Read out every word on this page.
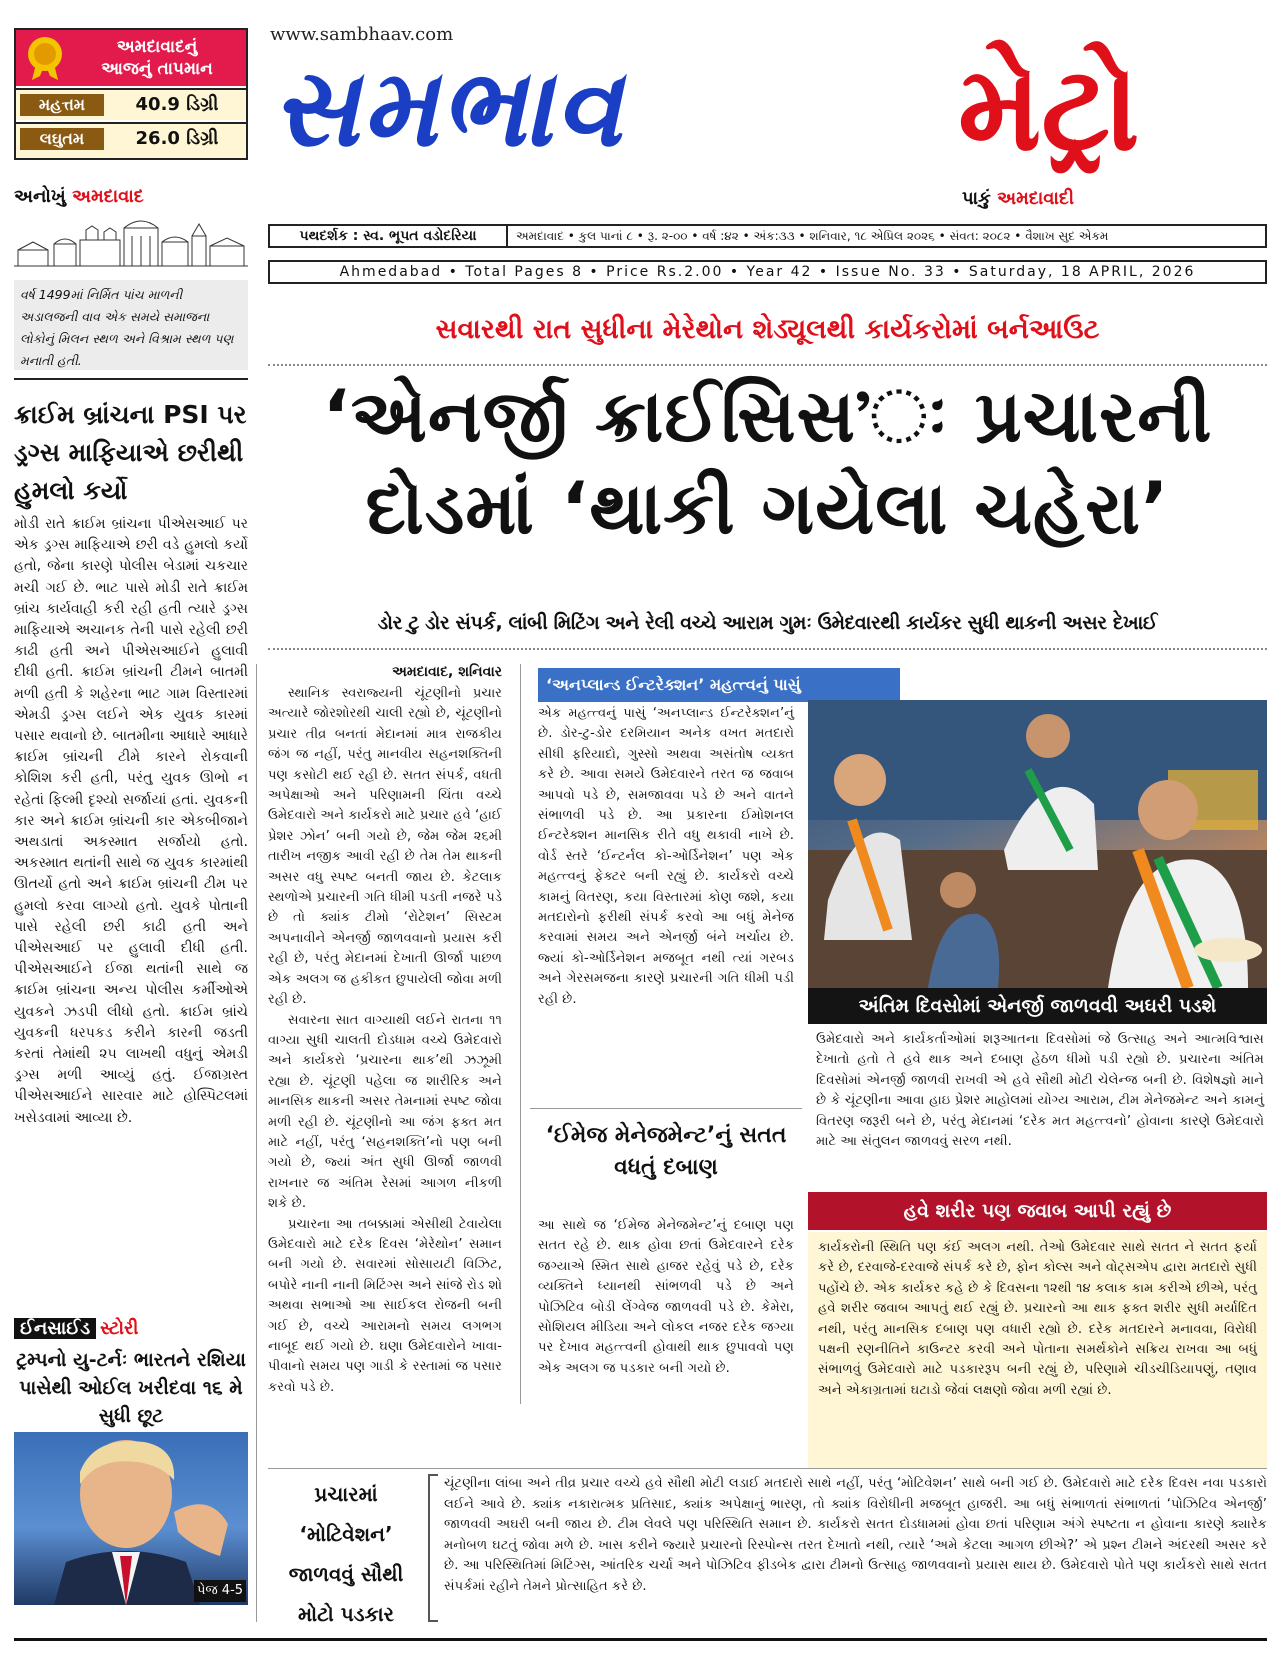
અમદાવાદનું
આજનું તાપમાન
મહત્તમ	40.9 ડિગ્રી
લઘુતમ	26.0 ડિગ્રી
www.sambhaav.com
સમભાવ	મેટ્રો
પાકું અમદાવાદી
પથદર્શક : સ્વ. ભૂપત વડોદરિયા	અમદાવાદ • કુલ પાનાં ૮ • રૂ. ૨-૦૦ • વર્ષ :૪૨ • અંક:૩૩ • શનિવાર, ૧૮ એપ્રિલ ૨૦૨૬ • સંવત: ૨૦૮૨ • વૈશાખ સુદ એકમ
Ahmedabad • Total Pages 8 • Price Rs.2.00 • Year 42 • Issue No. 33 • Saturday, 18 APRIL, 2026
અનોખું અમદાવાદ
વર્ષ 1499માં નિર્મિત પાંચ માળની અડાલજની વાવ એક સમયે સમાજના લોકોનું મિલન સ્થળ અને વિશ્રામ સ્થળ પણ મનાતી હતી.
ક્રાઈમ બ્રાંચના PSI પર ડ્રગ્સ માફિયાએ છરીથી હુમલો કર્યો
મોડી રાતે ક્રાઈમ બ્રાંચના પીએસઆઈ પર એક ડ્રગ્સ માફિયાએ છરી વડે હુમલો કર્યો હતો, જેના કારણે પોલીસ બેડામાં ચકચાર મચી ગઈ છે. ભાટ પાસે મોડી રાતે ક્રાઈમ બ્રાંચ કાર્યવાહી કરી રહી હતી ત્યારે ડ્રગ્સ માફિયાએ અચાનક તેની પાસે રહેલી છરી કાઢી હતી અને પીએસઆઈને હુલાવી દીધી હતી. ક્રાઈમ બ્રાંચની ટીમને બાતમી મળી હતી કે શહેરના ભાટ ગામ વિસ્તારમાં એમડી ડ્રગ્સ લઈને એક યુવક કારમાં પસાર થવાનો છે. બાતમીના આધારે આધારે ક્રાઈમ બ્રાંચની ટીમે કારને રોકવાની કોશિશ કરી હતી, પરંતુ યુવક ઊભો ન રહેતાં ફિલ્મી દૃશ્યો સર્જાયાં હતાં. યુવકની કાર અને ક્રાઈમ બ્રાંચની કાર એકબીજાને અથડાતાં અકસ્માત સર્જાયો હતો. અકસ્માત થતાંની સાથે જ યુવક કારમાંથી ઊતર્યો હતો અને ક્રાઈમ બ્રાંચની ટીમ પર હુમલો કરવા લાગ્યો હતો. યુવકે પોતાની પાસે રહેલી છરી કાઢી હતી અને પીએસઆઈ પર હુલાવી દીધી હતી. પીએસઆઈને ઈજા થતાંની સાથે જ ક્રાઈમ બ્રાંચના અન્ય પોલીસ કર્મીઓએ યુવકને ઝડપી લીધો હતો. ક્રાઈમ બ્રાંચે યુવકની ધરપકડ કરીને કારની જડતી કરતાં તેમાંથી ૨૫ લાખથી વધુનું એમડી ડ્રગ્સ મળી આવ્યું હતું. ઈજાગ્રસ્ત પીએસઆઈને સારવાર માટે હોસ્પિટલમાં ખસેડવામાં આવ્યા છે.
ઈનસાઈડ સ્ટોરી
ટ્રમ્પનો યુ-ટર્નઃ ભારતને રશિયા પાસેથી ઓઈલ ખરીદવા ૧૬ મે સુધી છૂટ
પેજ 4-5
સવારથી રાત સુધીના મેરેથોન શેડ્યૂલથી કાર્યકરોમાં બર્નઆઉટ
‘એનર્જી ક્રાઈસિસ’ઃ પ્રચારની
દોડમાં ‘થાકી ગયેલા ચહેરા’
ડોર ટુ ડોર સંપર્ક, લાંબી મિટિંગ અને રેલી વચ્ચે આરામ ગુમઃ ઉમેદવારથી કાર્યકર સુધી થાકની અસર દેખાઈ
અમદાવાદ, શનિવાર

સ્થાનિક સ્વરાજ્યની ચૂંટણીનો પ્રચાર અત્યારે જોરશોરથી ચાલી રહ્યો છે, ચૂંટણીનો પ્રચાર તીવ્ર બનતાં મેદાનમાં માત્ર રાજકીય જંગ જ નહીં, પરંતુ માનવીય સહનશક્તિની પણ કસોટી થઈ રહી છે. સતત સંપર્ક, વધતી અપેક્ષાઓ અને પરિણામની ચિંતા વચ્ચે ઉમેદવારો અને કાર્યકરો માટે પ્રચાર હવે ‘હાઈ પ્રેશર ઝોન’ બની ગયો છે, જેમ જેમ ૨૬મી તારીખ નજીક આવી રહી છે તેમ તેમ થાકની અસર વધુ સ્પષ્ટ બનતી જાય છે. કેટલાક સ્થળોએ પ્રચારની ગતિ ધીમી પડતી નજરે પડે છે તો ક્યાંક ટીમો ‘રોટેશન’ સિસ્ટમ અપનાવીને એનર્જી જાળવવાનો પ્રયાસ કરી રહી છે, પરંતુ મેદાનમાં દેખાતી ઊર્જા પાછળ એક અલગ જ હકીકત છુપાયેલી જોવા મળી રહી છે.

સવારના સાત વાગ્યાથી લઈને રાતના ૧૧ વાગ્યા સુધી ચાલતી દોડધામ વચ્ચે ઉમેદવારો અને કાર્યકરો ‘પ્રચારના થાક’થી ઝઝૂમી રહ્યા છે. ચૂંટણી પહેલા જ શારીરિક અને માનસિક થાકની અસર તેમનામાં સ્પષ્ટ જોવા મળી રહી છે. ચૂંટણીનો આ જંગ ફક્ત મત માટે નહીં, પરંતુ ‘સહનશક્તિ’નો પણ બની ગયો છે, જ્યાં અંત સુધી ઊર્જા જાળવી રાખનાર જ અંતિમ રેસમાં આગળ નીકળી શકે છે.

પ્રચારના આ તબક્કામાં એસીથી ટેવાયેલા ઉમેદવારો માટે દરેક દિવસ ‘મેરેથોન’ સમાન બની ગયો છે. સવારમાં સોસાયટી વિઝિટ, બપોરે નાની નાની મિટિંગ્સ અને સાંજે રોડ શો અથવા સભાઓ આ સાઈકલ રોજની બની ગઈ છે, વચ્ચે આરામનો સમય લગભગ નાબૂદ થઈ ગયો છે. ઘણા ઉમેદવારોને ખાવા-પીવાનો સમય પણ ગાડી કે રસ્તામાં જ પસાર કરવો પડે છે.

‘અનપ્લાન્ડ ઈન્ટરેક્શન’ મહત્ત્વનું પાસું
એક મહત્ત્વનું પાસું ‘અનપ્લાન્ડ ઈન્ટરેક્શન’નું છે. ડોર-ટુ-ડોર દરમિયાન અનેક વખત મતદારો સીધી ફરિયાદો, ગુસ્સો અથવા અસંતોષ વ્યક્ત કરે છે. આવા સમયે ઉમેદવારને તરત જ જવાબ આપવો પડે છે, સમજાવવા પડે છે અને વાતને સંભાળવી પડે છે. આ પ્રકારના ઈમોશનલ ઈન્ટરેક્શન માનસિક રીતે વધુ થકાવી નાખે છે. વોર્ડ સ્તરે ‘ઈન્ટર્નલ કો-ઓર્ડિનેશન’ પણ એક મહત્ત્વનું ફેક્ટર બની રહ્યું છે. કાર્યકરો વચ્ચે કામનું વિતરણ, કયા વિસ્તારમાં કોણ જશે, કયા મતદારોનો ફરીથી સંપર્ક કરવો આ બધું મેનેજ કરવામાં સમય અને એનર્જી બંને ખર્ચાય છે. જ્યાં કો-ઓર્ડિનેશન મજબૂત નથી ત્યાં ગરબડ અને ગેરસમજના કારણે પ્રચારની ગતિ ધીમી પડી રહી છે.
‘ઈમેજ મેનેજમેન્ટ’નું સતત વધતું દબાણ
આ સાથે જ ‘ઈમેજ મેનેજમેન્ટ’નું દબાણ પણ સતત રહે છે. થાક હોવા છતાં ઉમેદવારને દરેક જગ્યાએ સ્મિત સાથે હાજર રહેવું પડે છે, દરેક વ્યક્તિને ધ્યાનથી સાંભળવી પડે છે અને પોઝિટિવ બોડી લેંગ્વેજ જાળવવી પડે છે. કેમેરા, સોશિયલ મીડિયા અને લોકલ નજર દરેક જગ્યા પર દેખાવ મહત્ત્વની હોવાથી થાક છુપાવવો પણ એક અલગ જ પડકાર બની ગયો છે.
અંતિમ દિવસોમાં એનર્જી જાળવવી અઘરી પડશે
ઉમેદવારો અને કાર્યકર્તાઓમાં શરૂઆતના દિવસોમાં જે ઉત્સાહ અને આત્મવિશ્વાસ દેખાતો હતો તે હવે થાક અને દબાણ હેઠળ ધીમો પડી રહ્યો છે. પ્રચારના અંતિમ દિવસોમાં એનર્જી જાળવી રાખવી એ હવે સૌથી મોટી ચેલેન્જ બની છે. વિશેષજ્ઞો માને છે કે ચૂંટણીના આવા હાઇ પ્રેશર માહોલમાં યોગ્ય આરામ, ટીમ મેનેજમેન્ટ અને કામનું વિતરણ જરૂરી બને છે, પરંતુ મેદાનમાં ‘દરેક મત મહત્ત્વનો’ હોવાના કારણે ઉમેદવારો માટે આ સંતુલન જાળવવું સરળ નથી.
હવે શરીર પણ જવાબ આપી રહ્યું છે
કાર્યકરોની સ્થિતિ પણ કંઈ અલગ નથી. તેઓ ઉમેદવાર સાથે સતત ને સતત ફર્યા કરે છે, દરવાજે-દરવાજે સંપર્ક કરે છે, ફોન કોલ્સ અને વોટ્સએપ દ્વારા મતદારો સુધી પહોંચે છે. એક કાર્યકર કહે છે કે દિવસના ૧૨થી ૧૪ કલાક કામ કરીએ છીએ, પરંતુ હવે શરીર જવાબ આપતું થઈ રહ્યું છે. પ્રચારનો આ થાક ફક્ત શરીર સુધી મર્યાદિત નથી, પરંતુ માનસિક દબાણ પણ વધારી રહ્યો છે. દરેક મતદારને મનાવવા, વિરોધી પક્ષની રણનીતિને કાઉન્ટર કરવી અને પોતાના સમર્થકોને સક્રિય રાખવા આ બધું સંભાળવું ઉમેદવારો માટે પડકારરૂપ બની રહ્યું છે, પરિણામે ચીડચીડિયાપણું, તણાવ અને એકાગ્રતામાં ઘટાડો જેવાં લક્ષણો જોવા મળી રહ્યાં છે.
પ્રચારમાં ‘મોટિવેશન’ જાળવવું સૌથી મોટો પડકાર
ચૂંટણીના લાંબા અને તીવ્ર પ્રચાર વચ્ચે હવે સૌથી મોટી લડાઈ મતદારો સાથે નહીં, પરંતુ ‘મોટિવેશન’ સાથે બની ગઈ છે. ઉમેદવારો માટે દરેક દિવસ નવા પડકારો લઈને આવે છે. ક્યાંક નકારાત્મક પ્રતિસાદ, ક્યાંક અપેક્ષાનું ભારણ, તો ક્યાંક વિરોધીની મજબૂત હાજરી. આ બધું સંભાળતાં સંભાળતાં ‘પોઝિટિવ એનર્જી’ જાળવવી અઘરી બની જાય છે. ટીમ લેવલે પણ પરિસ્થિતિ સમાન છે. કાર્યકરો સતત દોડધામમાં હોવા છતાં પરિણામ અંગે સ્પષ્ટતા ન હોવાના કારણે ક્યારેક મનોબળ ઘટતું જોવા મળે છે. ખાસ કરીને જ્યારે પ્રચારનો રિસ્પોન્સ તરત દેખાતો નથી, ત્યારે ‘અમે કેટલા આગળ છીએ?’ એ પ્રશ્ન ટીમને અંદરથી અસર કરે છે. આ પરિસ્થિતિમાં મિટિંગ્સ, આંતરિક ચર્ચા અને પોઝિટિવ ફીડબેક દ્વારા ટીમનો ઉત્સાહ જાળવવાનો પ્રયાસ થાય છે. ઉમેદવારો પોતે પણ કાર્યકરો સાથે સતત સંપર્કમાં રહીને તેમને પ્રોત્સાહિત કરે છે.
